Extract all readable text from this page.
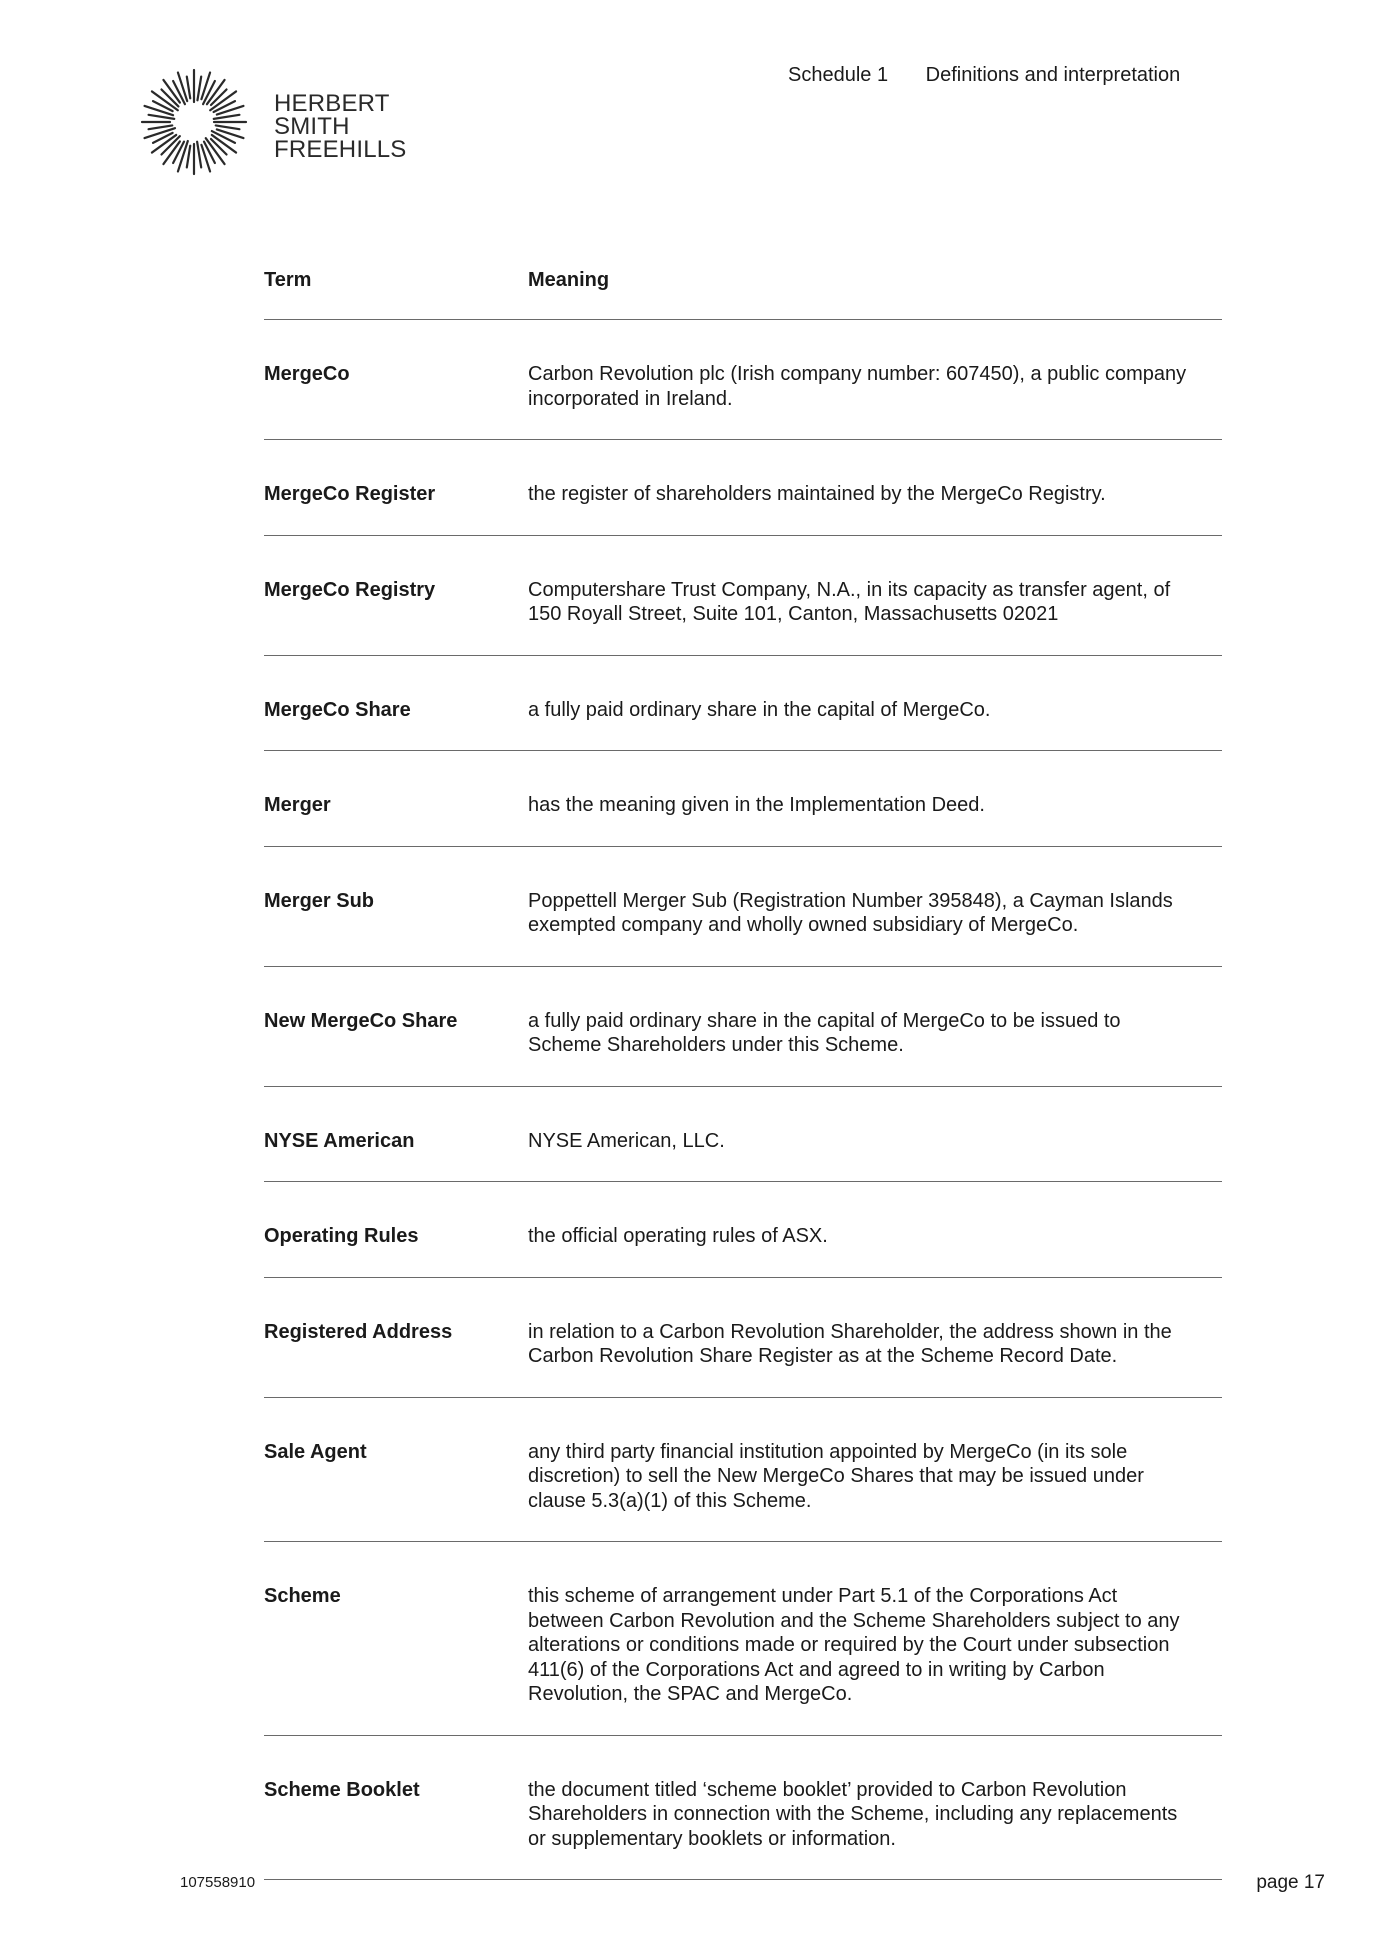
HERBERT
SMITH
FREEHILLS
Schedule 1 Definitions and interpretation
Term	Meaning
MergeCo	Carbon Revolution plc (Irish company number: 607450), a public company incorporated in Ireland.
MergeCo Register	the register of shareholders maintained by the MergeCo Registry.
MergeCo Registry	Computershare Trust Company, N.A., in its capacity as transfer agent, of 150 Royall Street, Suite 101, Canton, Massachusetts 02021
MergeCo Share	a fully paid ordinary share in the capital of MergeCo.
Merger	has the meaning given in the Implementation Deed.
Merger Sub	Poppettell Merger Sub (Registration Number 395848), a Cayman Islands exempted company and wholly owned subsidiary of MergeCo.
New MergeCo Share	a fully paid ordinary share in the capital of MergeCo to be issued to Scheme Shareholders under this Scheme.
NYSE American	NYSE American, LLC.
Operating Rules	the official operating rules of ASX.
Registered Address	in relation to a Carbon Revolution Shareholder, the address shown in the Carbon Revolution Share Register as at the Scheme Record Date.
Sale Agent	any third party financial institution appointed by MergeCo (in its sole discretion) to sell the New MergeCo Shares that may be issued under clause 5.3(a)(1) of this Scheme.
Scheme	this scheme of arrangement under Part 5.1 of the Corporations Act between Carbon Revolution and the Scheme Shareholders subject to any alterations or conditions made or required by the Court under subsection 411(6) of the Corporations Act and agreed to in writing by Carbon Revolution, the SPAC and MergeCo.
Scheme Booklet	the document titled ‘scheme booklet’ provided to Carbon Revolution Shareholders in connection with the Scheme, including any replacements or supplementary booklets or information.
107558910	page 17
